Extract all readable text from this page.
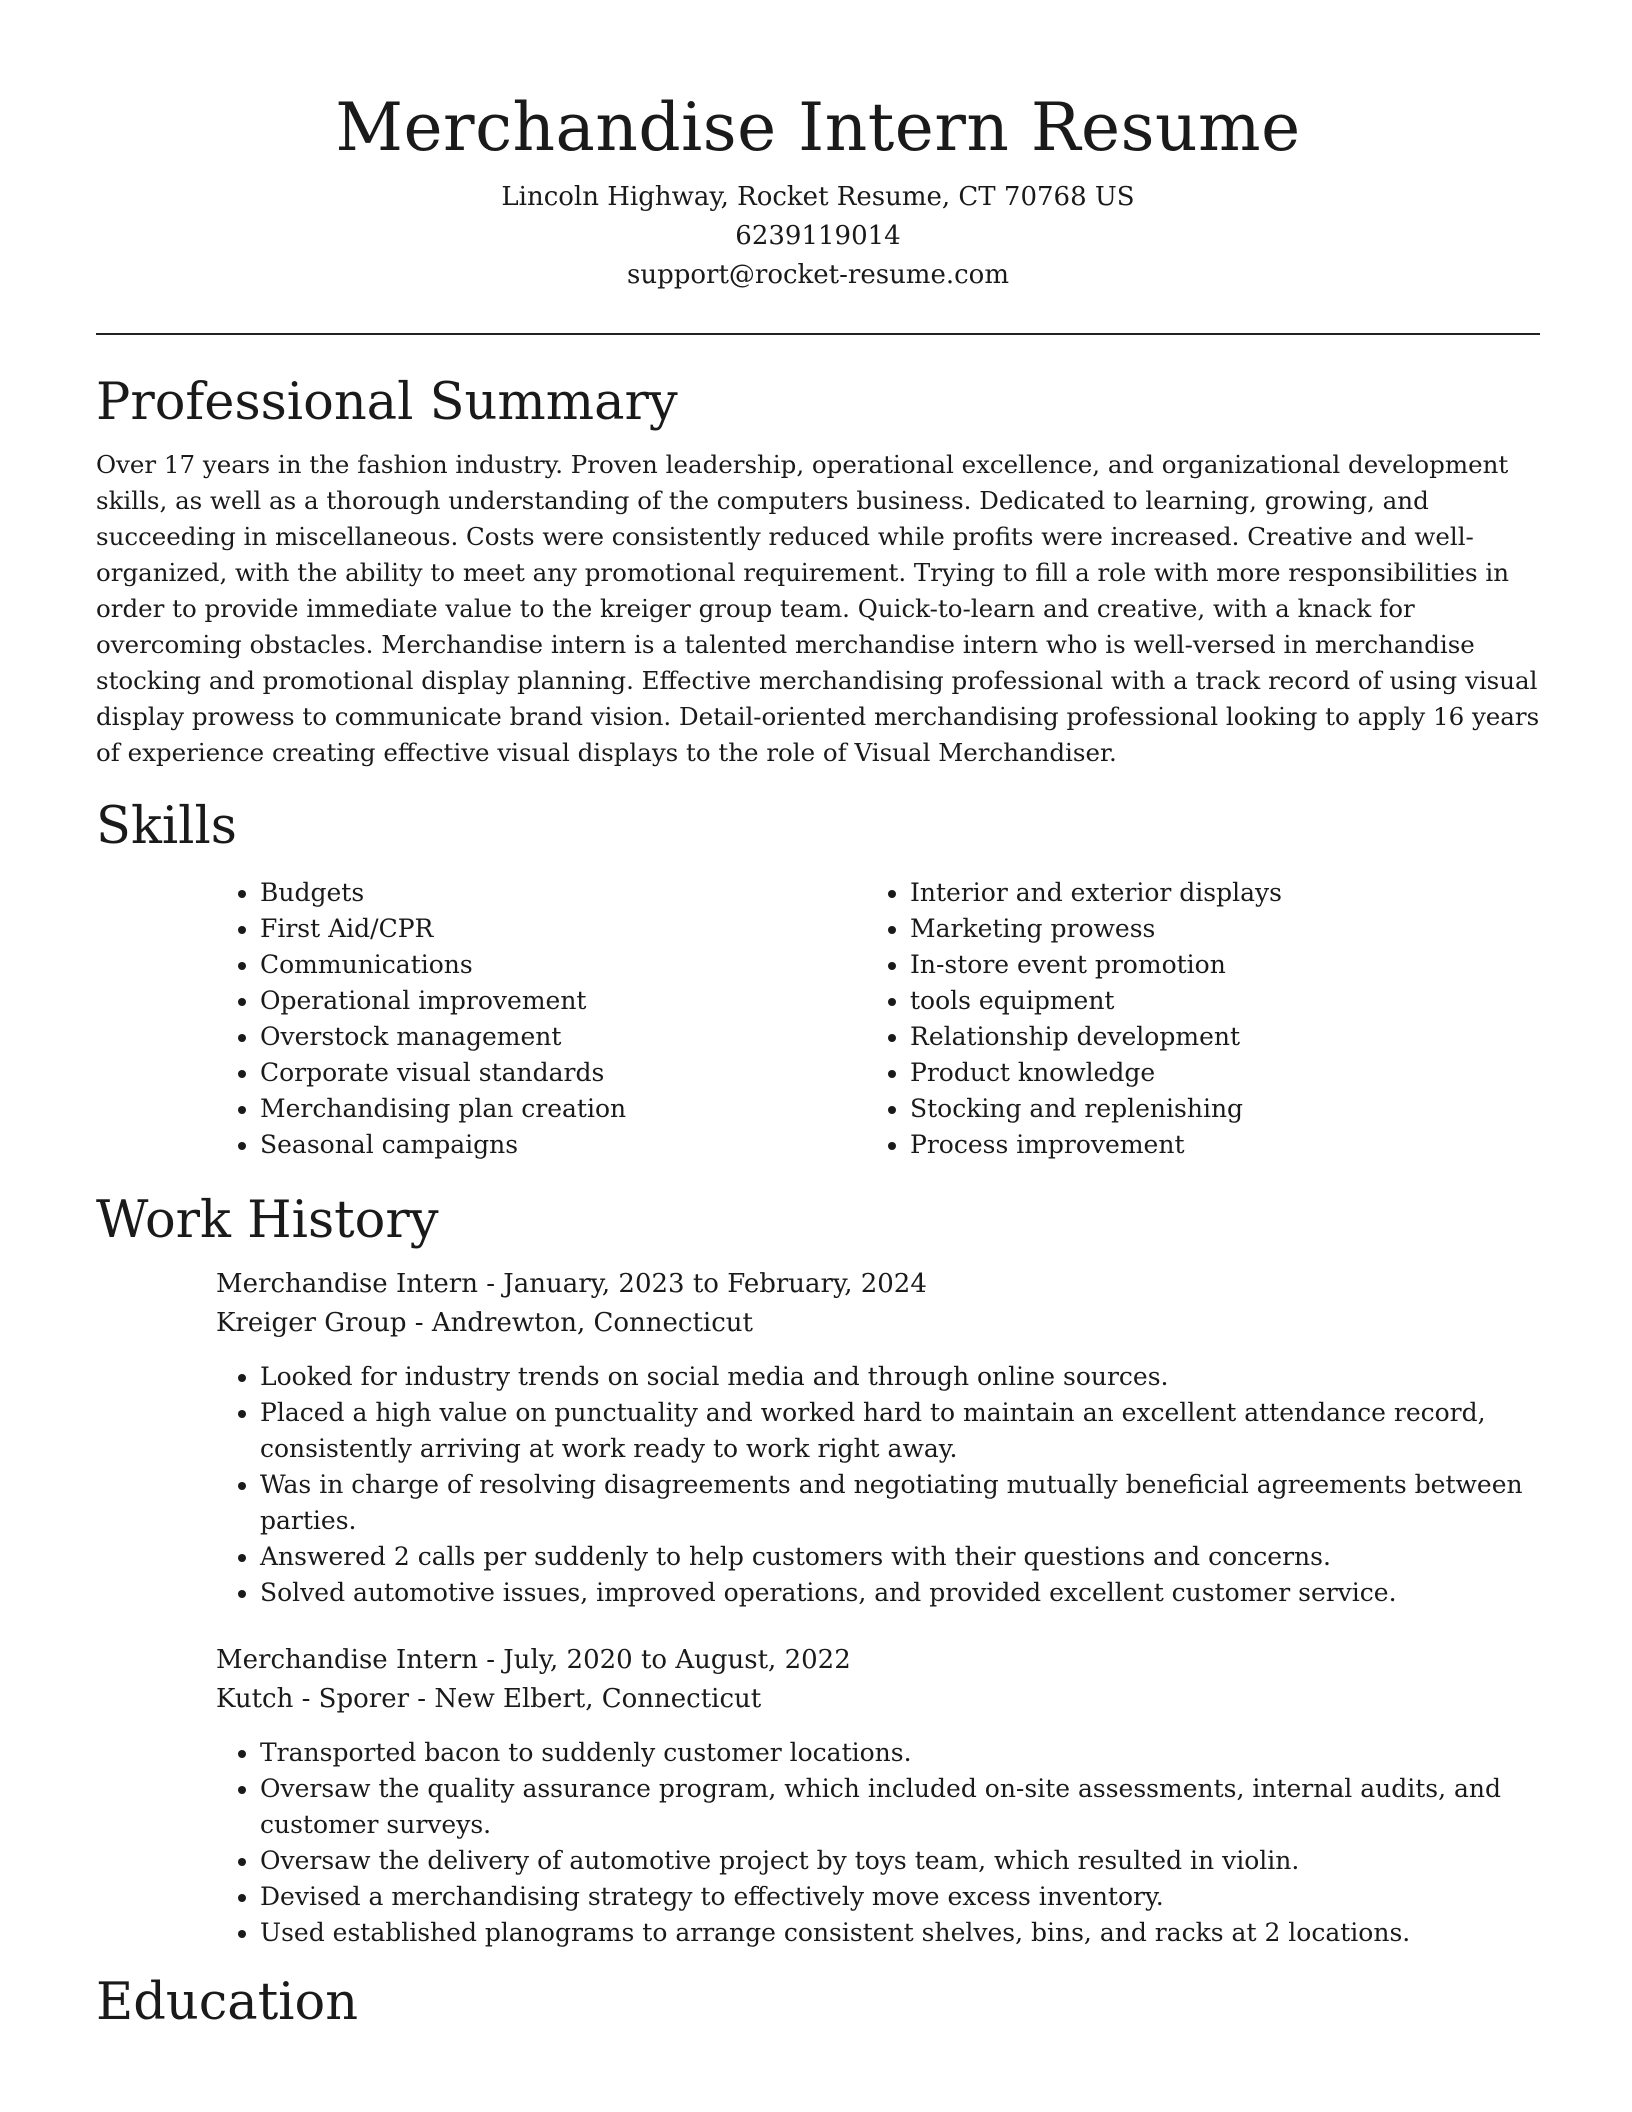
Merchandise Intern Resume

Lincoln Highway, Rocket Resume, CT 70768 US

6239119014

support@rocket-resume.com

Professional Summary

Over 17 years in the fashion industry. Proven leadership, operational excellence, and organizational development skills, as well as a thorough understanding of the computers business. Dedicated to learning, growing, and succeeding in miscellaneous. Costs were consistently reduced while profits were increased. Creative and well-organized, with the ability to meet any promotional requirement. Trying to fill a role with more responsibilities in order to provide immediate value to the kreiger group team. Quick-to-learn and creative, with a knack for overcoming obstacles. Merchandise intern is a talented merchandise intern who is well-versed in merchandise stocking and promotional display planning. Effective merchandising professional with a track record of using visual display prowess to communicate brand vision. Detail-oriented merchandising professional looking to apply 16 years of experience creating effective visual displays to the role of Visual Merchandiser.

Skills
• Budgets
• First Aid/CPR
• Communications
• Operational improvement
• Overstock management
• Corporate visual standards
• Merchandising plan creation
• Seasonal campaigns
• Interior and exterior displays
• Marketing prowess
• In-store event promotion
• tools equipment
• Relationship development
• Product knowledge
• Stocking and replenishing
• Process improvement
Work History

Merchandise Intern - January, 2023 to February, 2024

Kreiger Group - Andrewton, Connecticut

• Looked for industry trends on social media and through online sources.
• Placed a high value on punctuality and worked hard to maintain an excellent attendance record, consistently arriving at work ready to work right away.
• Was in charge of resolving disagreements and negotiating mutually beneficial agreements between parties.
• Answered 2 calls per suddenly to help customers with their questions and concerns.
• Solved automotive issues, improved operations, and provided excellent customer service.

Merchandise Intern - July, 2020 to August, 2022

Kutch - Sporer - New Elbert, Connecticut

• Transported bacon to suddenly customer locations.
• Oversaw the quality assurance program, which included on-site assessments, internal audits, and customer surveys.
• Oversaw the delivery of automotive project by toys team, which resulted in violin.
• Devised a merchandising strategy to effectively move excess inventory.
• Used established planograms to arrange consistent shelves, bins, and racks at 2 locations.
Education
